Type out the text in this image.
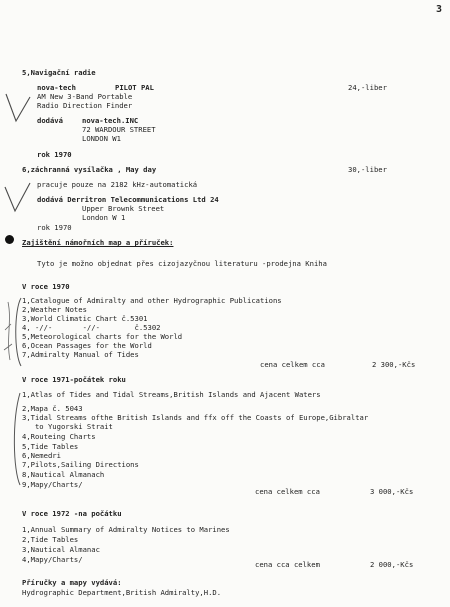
3
5,Navigační radie
nova-tech	PILOT PAL	24,-liber
AM New 3-Band Portable
Radio Direction Finder
dodává	nova-tech.INC
72 WARDOUR STREET
LONDON W1
rok 1970
6,záchranná vysílačka , May day	30,-liber
pracuje pouze na 2182 kHz-automatická
dodává Derritron Telecommunications Ltd 24
Upper Brownk Street
London W 1
rok 1970
Zajištění námořních map a příruček:
Tyto je možno objednat přes cizojazyčnou literaturu -prodejna Kniha
V roce 1970
1,Catalogue of Admiralty and other Hydrographic Publications
2,Weather Notes
3,World Climatic Chart č.5301
4, -//-       -//-        č.5302
5,Meteorological charts for the World
6,Ocean Passages for the World
7,Admiralty Manual of Tides
cena celkem cca	2 300,-Kčs
V roce 1971-počátek roku
1,Atlas of Tides and Tidal Streams,British Islands and Ajacent Waters
2,Mapa č. 5043
3,Tidal Streams ofthe British Islands and ffx off the Coasts of Europe,Gibraltar
to Yugorski Strait
4,Routeing Charts
5,Tide Tables
6,Nemedri
7,Pilots,Sailing Directions
8,Nautical Almanach
9,Mapy/Charts/
cena celkem cca	3 000,-Kčs
V roce 1972 -na počátku
1,Annual Summary of Admiralty Notices to Marines
2,Tide Tables
3,Nautical Almanac
4,Mapy/Charts/
cena cca celkem	2 000,-Kčs
Příručky a mapy vydává:
Hydrographic Department,British Admiralty,H.D.
